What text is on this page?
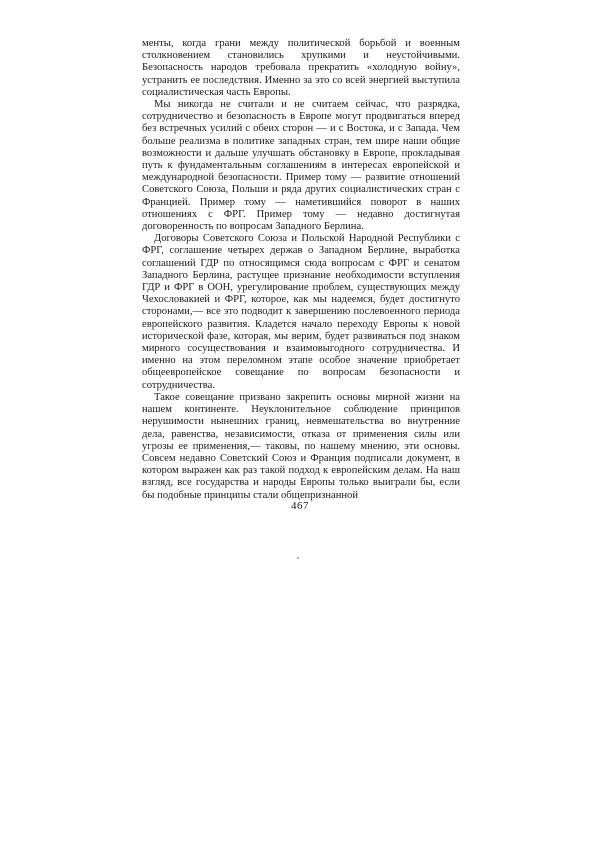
менты, когда грани между политической борьбой и военным столкновением становились хрупкими и неустойчивыми. Безопасность народов требовала прекратить «холодную войну», устранить ее последствия. Именно за это со всей энергией выступила социалистическая часть Европы.

Мы никогда не считали и не считаем сейчас, что разрядка, сотрудничество и безопасность в Европе могут продвигаться вперед без встречных усилий с обеих сторон — и с Востока, и с Запада. Чем больше реализма в политике западных стран, тем шире наши общие возможности и дальше улучшать обстановку в Европе, прокладывая путь к фундаментальным соглашениям в интересах европейской и международной безопасности. Пример тому — развитие отношений Советского Союза, Польши и ряда других социалистических стран с Францией. Пример тому — наметившийся поворот в наших отношениях с ФРГ. Пример тому — недавно достигнутая договоренность по вопросам Западного Берлина.

Договоры Советского Союза и Польской Народной Республики с ФРГ, соглашение четырех держав о Западном Берлине, выработка соглашений ГДР по относящимся сюда вопросам с ФРГ и сенатом Западного Берлина, растущее признание необходимости вступления ГДР и ФРГ в ООН, урегулирование проблем, существующих между Чехословакией и ФРГ, которое, как мы надеемся, будет достигнуто сторонами,— все это подводит к завершению послевоенного периода европейского развития. Кладется начало переходу Европы к новой исторической фазе, которая, мы верим, будет развиваться под знаком мирного сосуществования и взаимовыгодного сотрудничества. И именно на этом переломном этапе особое значение приобретает общеевропейское совещание по вопросам безопасности и сотрудничества.

Такое совещание призвано закрепить основы мирной жизни на нашем континенте. Неуклонительное соблюдение принципов нерушимости нынешних границ, невмешательства во внутренние дела, равенства, независимости, отказа от применения силы или угрозы ее применения,— таковы, по нашему мнению, эти основы. Совсем недавно Советский Союз и Франция подписали документ, в котором выражен как раз такой подход к европейским делам. На наш взгляд, все государства и народы Европы только выиграли бы, если бы подобные принципы стали общепризнанной

467
